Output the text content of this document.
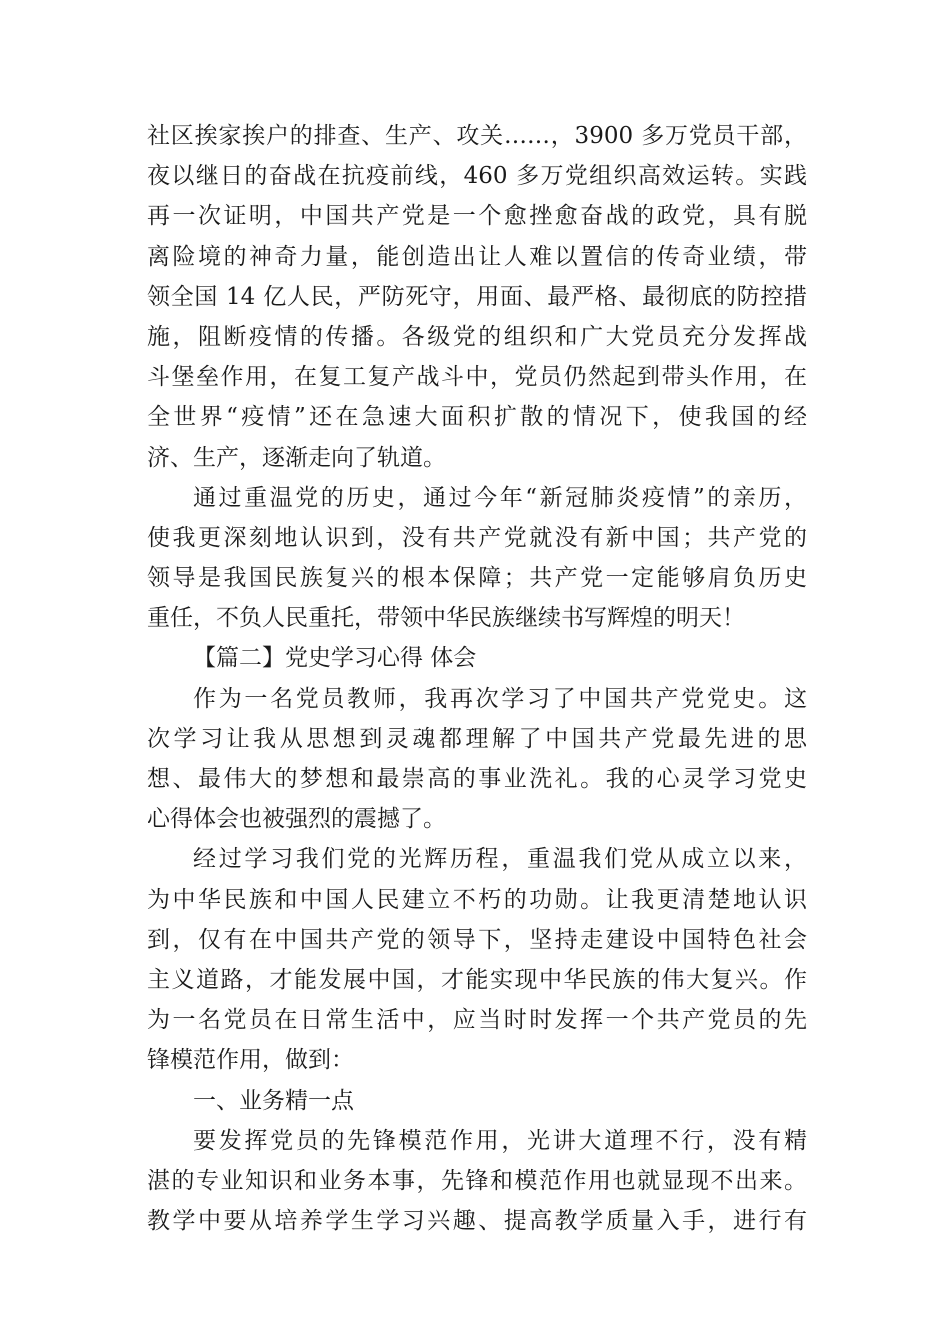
社区挨家挨户的排查、生产、攻关……，3900 多万党员干部，
夜以继日的奋战在抗疫前线，460 多万党组织高效运转。实践
再一次证明，中国共产党是一个愈挫愈奋战的政党，具有脱
离险境的神奇力量，能创造出让人难以置信的传奇业绩，带
领全国 14 亿人民，严防死守，用面、最严格、最彻底的防控措
施，阻断疫情的传播。各级党的组织和广大党员充分发挥战
斗堡垒作用，在复工复产战斗中，党员仍然起到带头作用，在
全世界“疫情”还在急速大面积扩散的情况下，使我国的经
济、生产，逐渐走向了轨道。
通过重温党的历史，通过今年“新冠肺炎疫情”的亲历，
使我更深刻地认识到，没有共产党就没有新中国；共产党的
领导是我国民族复兴的根本保障；共产党一定能够肩负历史
重任，不负人民重托，带领中华民族继续书写辉煌的明天！
【篇二】党史学习心得 体会
作为一名党员教师，我再次学习了中国共产党党史。这
次学习让我从思想到灵魂都理解了中国共产党最先进的思
想、最伟大的梦想和最崇高的事业洗礼。我的心灵学习党史
心得体会也被强烈的震撼了。
经过学习我们党的光辉历程，重温我们党从成立以来，
为中华民族和中国人民建立不朽的功勋。让我更清楚地认识
到，仅有在中国共产党的领导下，坚持走建设中国特色社会
主义道路，才能发展中国，才能实现中华民族的伟大复兴。作
为一名党员在日常生活中，应当时时发挥一个共产党员的先
锋模范作用，做到：
一、业务精一点
要发挥党员的先锋模范作用，光讲大道理不行，没有精
湛的专业知识和业务本事，先锋和模范作用也就显现不出来。
教学中要从培养学生学习兴趣、提高教学质量入手，进行有
